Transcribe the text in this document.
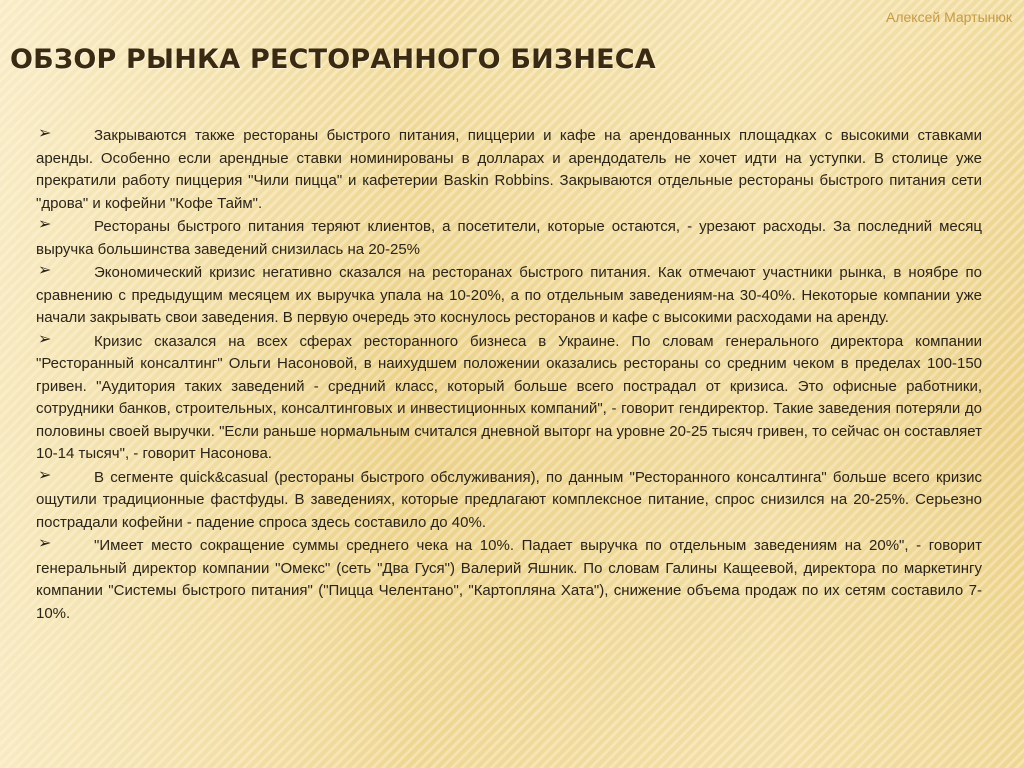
Алексей Мартынюк
ОБЗОР РЫНКА РЕСТОРАННОГО БИЗНЕСА
➢	Закрываются также рестораны быстрого питания, пиццерии и кафе на арендованных площадках с высокими ставками аренды. Особенно если арендные ставки номинированы в долларах и арендодатель не хочет идти на уступки. В столице уже прекратили работу пиццерия "Чили пицца" и кафетерии Baskin Robbins. Закрываются отдельные рестораны быстрого питания сети "дрова" и кофейни "Кофе Тайм".
➢	Рестораны быстрого питания теряют клиентов, а посетители, которые остаются, - урезают расходы. За последний месяц выручка большинства заведений снизилась на 20-25%
➢	Экономический кризис негативно сказался на ресторанах быстрого питания. Как отмечают участники рынка, в ноябре по сравнению с предыдущим месяцем их выручка упала на 10-20%, а по отдельным заведениям-на 30-40%. Некоторые компании уже начали закрывать свои заведения. В первую очередь это коснулось ресторанов и кафе с высокими расходами на аренду.
➢	Кризис сказался на всех сферах ресторанного бизнеса в Украине. По словам генерального директора компании "Ресторанный консалтинг" Ольги Насоновой, в наихудшем положении оказались рестораны со средним чеком в пределах 100-150 гривен. "Аудитория таких заведений - средний класс, который больше всего пострадал от кризиса. Это офисные работники, сотрудники банков, строительных, консалтинговых и инвестиционных компаний", - говорит гендиректор. Такие заведения потеряли до половины своей выручки. "Если раньше нормальным считался дневной выторг на уровне 20-25 тысяч гривен, то сейчас он составляет 10-14 тысяч", - говорит Насонова.
➢	В сегменте quick&casual (рестораны быстрого обслуживания), по данным "Ресторанного консалтинга" больше всего кризис ощутили традиционные фастфуды. В заведениях, которые предлагают комплексное питание, спрос снизился на 20-25%. Серьезно пострадали кофейни - падение спроса здесь составило до 40%.
➢	"Имеет место сокращение суммы среднего чека на 10%. Падает выручка по отдельным заведениям на 20%", - говорит генеральный директор компании "Омекс" (сеть "Два Гуся") Валерий Яшник. По словам Галины Кащеевой, директора по маркетингу компании "Системы быстрого питания" ("Пицца Челентано", "Картопляна Хата"), снижение объема продаж по их сетям составило 7-10%.
